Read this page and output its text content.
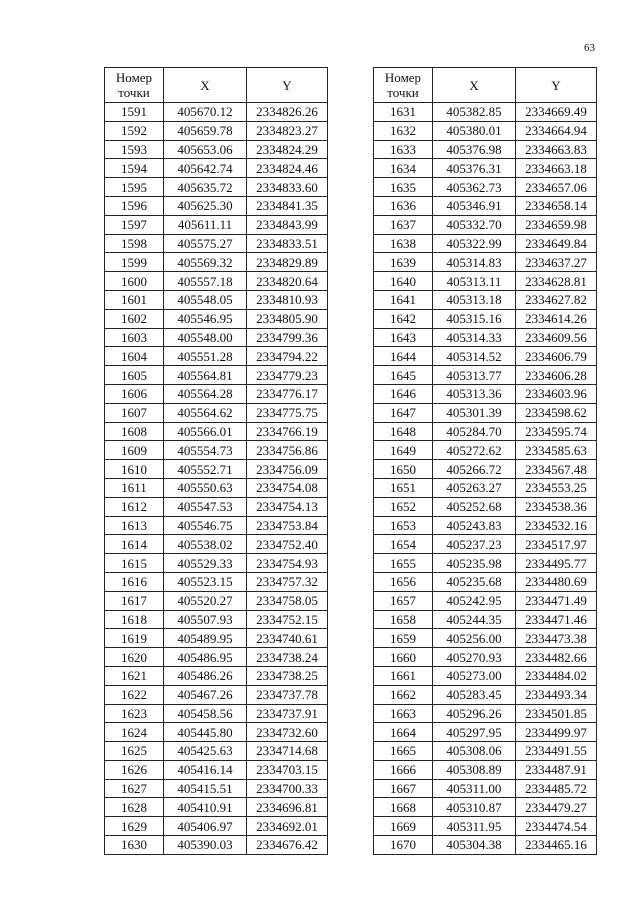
63
Номер
точки	X	Y
1591	405670.12	2334826.26
1592	405659.78	2334823.27
1593	405653.06	2334824.29
1594	405642.74	2334824.46
1595	405635.72	2334833.60
1596	405625.30	2334841.35
1597	405611.11	2334843.99
1598	405575.27	2334833.51
1599	405569.32	2334829.89
1600	405557.18	2334820.64
1601	405548.05	2334810.93
1602	405546.95	2334805.90
1603	405548.00	2334799.36
1604	405551.28	2334794.22
1605	405564.81	2334779.23
1606	405564.28	2334776.17
1607	405564.62	2334775.75
1608	405566.01	2334766.19
1609	405554.73	2334756.86
1610	405552.71	2334756.09
1611	405550.63	2334754.08
1612	405547.53	2334754.13
1613	405546.75	2334753.84
1614	405538.02	2334752.40
1615	405529.33	2334754.93
1616	405523.15	2334757.32
1617	405520.27	2334758.05
1618	405507.93	2334752.15
1619	405489.95	2334740.61
1620	405486.95	2334738.24
1621	405486.26	2334738.25
1622	405467.26	2334737.78
1623	405458.56	2334737.91
1624	405445.80	2334732.60
1625	405425.63	2334714.68
1626	405416.14	2334703.15
1627	405415.51	2334700.33
1628	405410.91	2334696.81
1629	405406.97	2334692.01
1630	405390.03	2334676.42
Номер
точки	X	Y
1631	405382.85	2334669.49
1632	405380.01	2334664.94
1633	405376.98	2334663.83
1634	405376.31	2334663.18
1635	405362.73	2334657.06
1636	405346.91	2334658.14
1637	405332.70	2334659.98
1638	405322.99	2334649.84
1639	405314.83	2334637.27
1640	405313.11	2334628.81
1641	405313.18	2334627.82
1642	405315.16	2334614.26
1643	405314.33	2334609.56
1644	405314.52	2334606.79
1645	405313.77	2334606.28
1646	405313.36	2334603.96
1647	405301.39	2334598.62
1648	405284.70	2334595.74
1649	405272.62	2334585.63
1650	405266.72	2334567.48
1651	405263.27	2334553.25
1652	405252.68	2334538.36
1653	405243.83	2334532.16
1654	405237.23	2334517.97
1655	405235.98	2334495.77
1656	405235.68	2334480.69
1657	405242.95	2334471.49
1658	405244.35	2334471.46
1659	405256.00	2334473.38
1660	405270.93	2334482.66
1661	405273.00	2334484.02
1662	405283.45	2334493.34
1663	405296.26	2334501.85
1664	405297.95	2334499.97
1665	405308.06	2334491.55
1666	405308.89	2334487.91
1667	405311.00	2334485.72
1668	405310.87	2334479.27
1669	405311.95	2334474.54
1670	405304.38	2334465.16
